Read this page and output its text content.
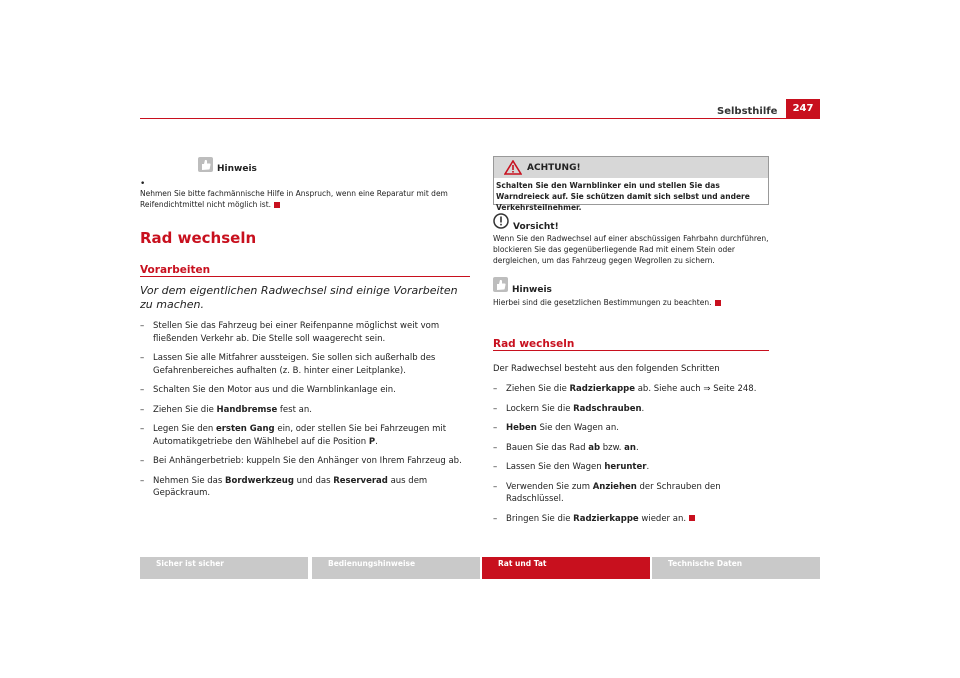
Selbsthilfe	247
Hinweis
•
Nehmen Sie bitte fachmännische Hilfe in Anspruch, wenn eine Reparatur mit dem Reifendichtmittel nicht möglich ist.
Rad wechseln
Vorarbeiten
Vor dem eigentlichen Radwechsel sind einige Vorarbeiten zu machen.
– Stellen Sie das Fahrzeug bei einer Reifenpanne möglichst weit vom fließenden Verkehr ab. Die Stelle soll waagerecht sein.
– Lassen Sie alle Mitfahrer aussteigen. Sie sollen sich außerhalb des Gefahrenbereiches aufhalten (z. B. hinter einer Leitplanke).
– Schalten Sie den Motor aus und die Warnblinkanlage ein.
– Ziehen Sie die Handbremse fest an.
– Legen Sie den ersten Gang ein, oder stellen Sie bei Fahrzeugen mit Automatikgetriebe den Wählhebel auf die Position P.
– Bei Anhängerbetrieb: kuppeln Sie den Anhänger von Ihrem Fahrzeug ab.
– Nehmen Sie das Bordwerkzeug und das Reserverad aus dem Gepäckraum.
ACHTUNG!
Schalten Sie den Warnblinker ein und stellen Sie das Warndreieck auf. Sie schützen damit sich selbst und andere Verkehrsteilnehmer.
Vorsicht!
Wenn Sie den Radwechsel auf einer abschüssigen Fahrbahn durchführen, blockieren Sie das gegenüberliegende Rad mit einem Stein oder dergleichen, um das Fahrzeug gegen Wegrollen zu sichern.
Hinweis
Hierbei sind die gesetzlichen Bestimmungen zu beachten.
Rad wechseln
Der Radwechsel besteht aus den folgenden Schritten
– Ziehen Sie die Radzierkappe ab. Siehe auch ⇒ Seite 248.
– Lockern Sie die Radschrauben.
– Heben Sie den Wagen an.
– Bauen Sie das Rad ab bzw. an.
– Lassen Sie den Wagen herunter.
– Verwenden Sie zum Anziehen der Schrauben den Radschlüssel.
– Bringen Sie die Radzierkappe wieder an.
Sicher ist sicher	Bedienungshinweise	Rat und Tat	Technische Daten
